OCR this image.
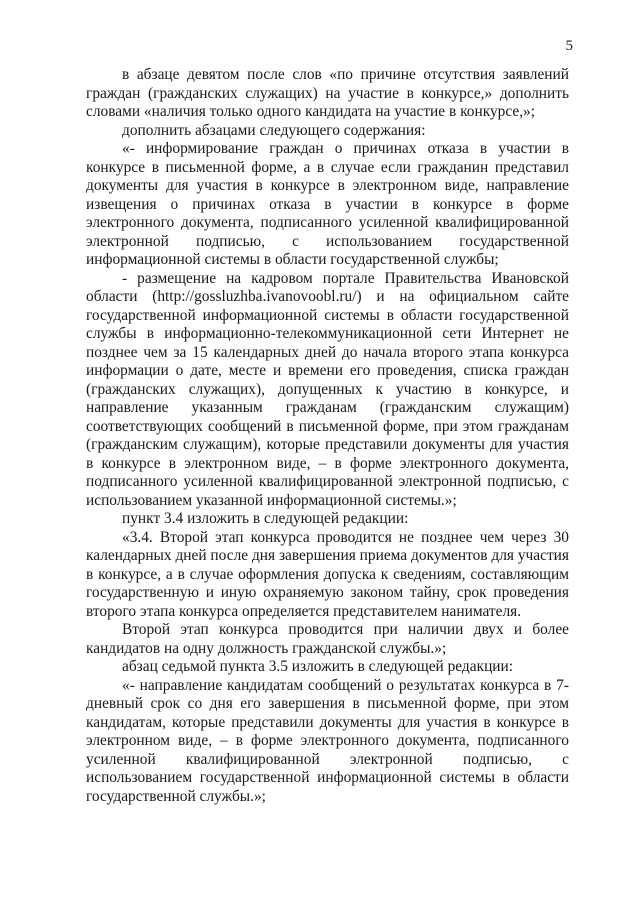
5

в абзаце девятом после слов «по причине отсутствия заявлений граждан (гражданских служащих) на участие в конкурсе,» дополнить словами «наличия только одного кандидата на участие в конкурсе,»;

дополнить абзацами следующего содержания:

«- информирование граждан о причинах отказа в участии в конкурсе в письменной форме, а в случае если гражданин представил документы для участия в конкурсе в электронном виде, направление извещения о причинах отказа в участии в конкурсе в форме электронного документа, подписанного усиленной квалифицированной электронной подписью, с использованием государственной информационной системы в области государственной службы;

- размещение на кадровом портале Правительства Ивановской области (http://gossluzhba.ivanovoobl.ru/) и на официальном сайте государственной информационной системы в области государственной службы в информационно-телекоммуникационной сети Интернет не позднее чем за 15 календарных дней до начала второго этапа конкурса информации о дате, месте и времени его проведения, списка граждан (гражданских служащих), допущенных к участию в конкурсе, и направление указанным гражданам (гражданским служащим) соответствующих сообщений в письменной форме, при этом гражданам (гражданским служащим), которые представили документы для участия в конкурсе в электронном виде, – в форме электронного документа, подписанного усиленной квалифицированной электронной подписью, с использованием указанной информационной системы.»;

пункт 3.4 изложить в следующей редакции:

«3.4. Второй этап конкурса проводится не позднее чем через 30 календарных дней после дня завершения приема документов для участия в конкурсе, а в случае оформления допуска к сведениям, составляющим государственную и иную охраняемую законом тайну, срок проведения второго этапа конкурса определяется представителем нанимателя.

Второй этап конкурса проводится при наличии двух и более кандидатов на одну должность гражданской службы.»;

абзац седьмой пункта 3.5 изложить в следующей редакции:

«- направление кандидатам сообщений о результатах конкурса в 7-дневный срок со дня его завершения в письменной форме, при этом кандидатам, которые представили документы для участия в конкурсе в электронном виде, – в форме электронного документа, подписанного усиленной квалифицированной электронной подписью, с использованием государственной информационной системы в области государственной службы.»;
